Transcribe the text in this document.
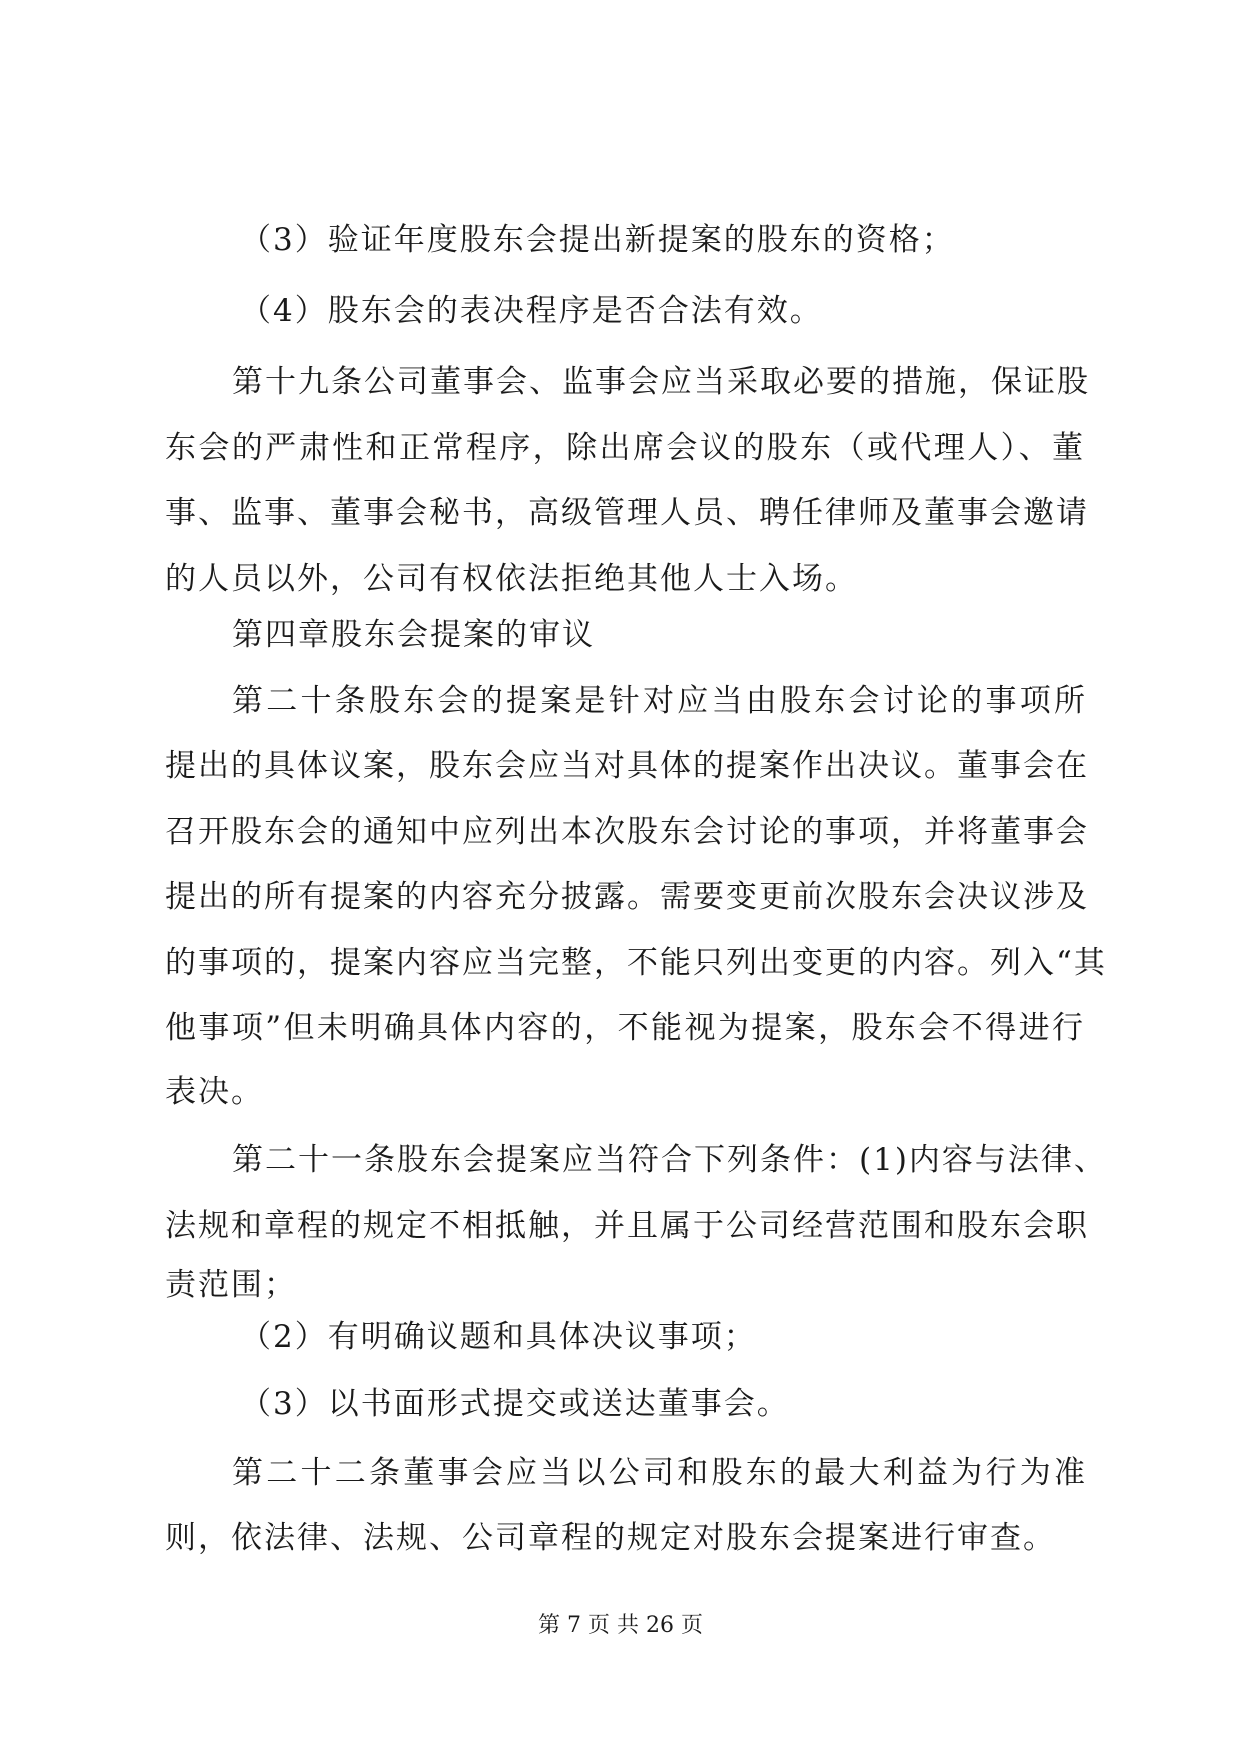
（3）验证年度股东会提出新提案的股东的资格；
（4）股东会的表决程序是否合法有效。
第十九条公司董事会、监事会应当采取必要的措施，保证股
东会的严肃性和正常程序，除出席会议的股东（或代理人）、董
事、监事、董事会秘书，高级管理人员、聘任律师及董事会邀请
的人员以外，公司有权依法拒绝其他人士入场。
第四章股东会提案的审议
第二十条股东会的提案是针对应当由股东会讨论的事项所
提出的具体议案，股东会应当对具体的提案作出决议。董事会在
召开股东会的通知中应列出本次股东会讨论的事项，并将董事会
提出的所有提案的内容充分披露。需要变更前次股东会决议涉及
的事项的，提案内容应当完整，不能只列出变更的内容。列入“其
他事项”但未明确具体内容的，不能视为提案，股东会不得进行
表决。
第二十一条股东会提案应当符合下列条件：(1)内容与法律、
法规和章程的规定不相抵触，并且属于公司经营范围和股东会职
责范围；
（2）有明确议题和具体决议事项；
（3）以书面形式提交或送达董事会。
第二十二条董事会应当以公司和股东的最大利益为行为准
则，依法律、法规、公司章程的规定对股东会提案进行审查。
第 7 页 共 26 页
